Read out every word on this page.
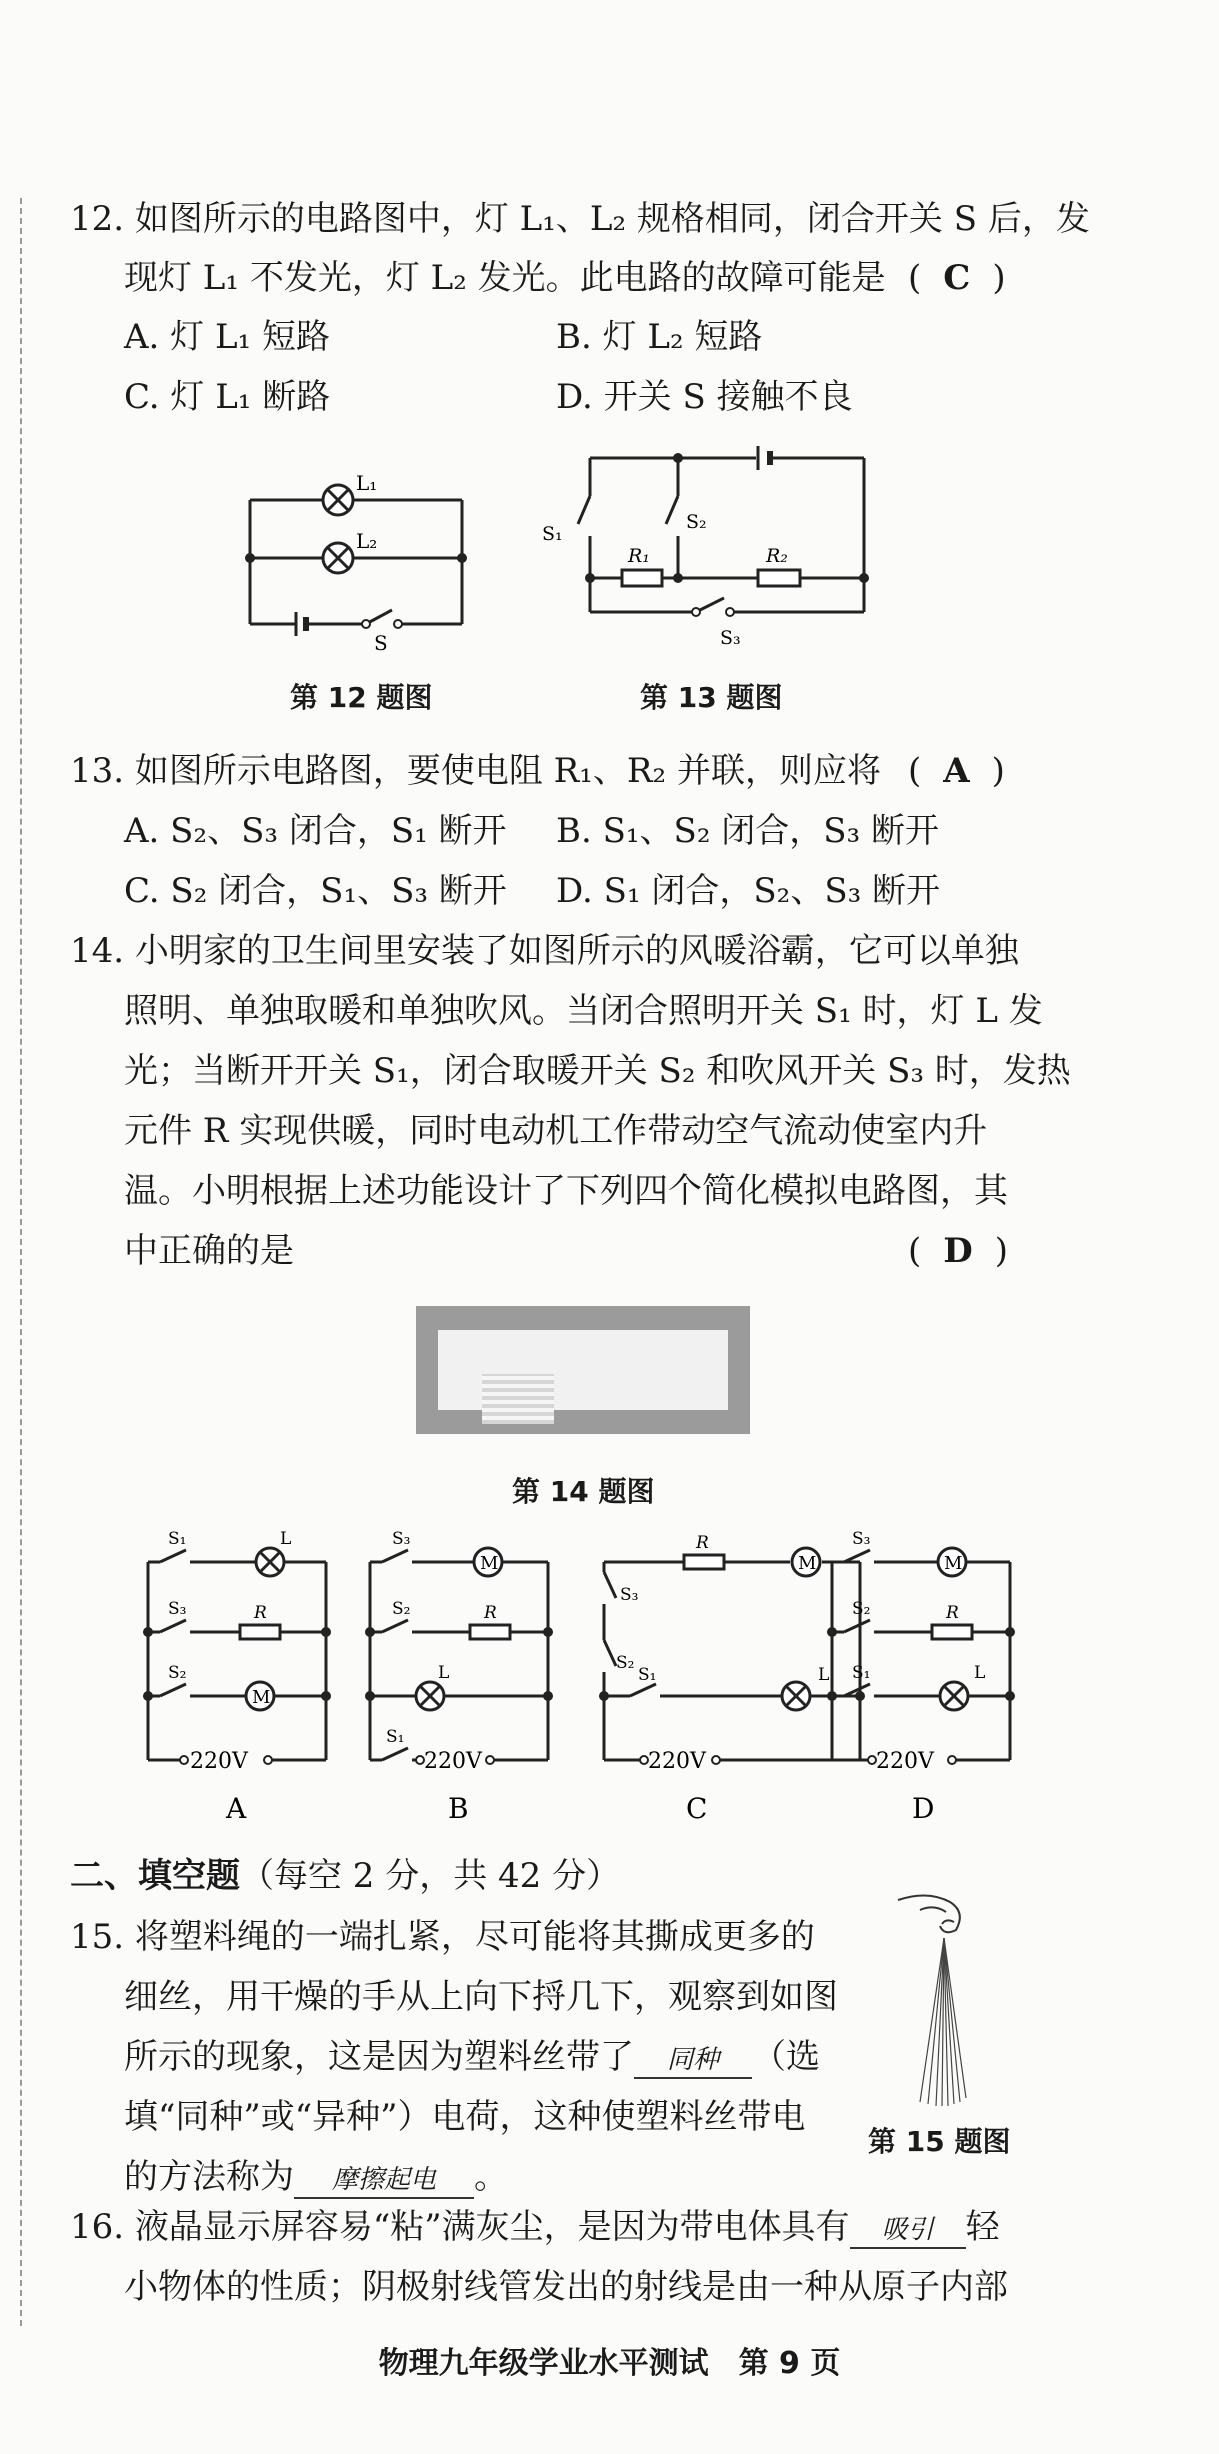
12. 如图所示的电路图中，灯 L₁、L₂ 规格相同，闭合开关 S 后，发
现灯 L₁ 不发光，灯 L₂ 发光。此电路的故障可能是 ( C )
A. 灯 L₁ 短路	B. 灯 L₂ 短路
C. 灯 L₁ 断路	D. 开关 S 接触不良
L₁
L₂
S
第 12 题图
S₁
S₂
S₃
R₁	R₂
第 13 题图
13. 如图所示电路图，要使电阻 R₁、R₂ 并联，则应将 ( A )
A. S₂、S₃ 闭合，S₁ 断开 B. S₁、S₂ 闭合，S₃ 断开
C. S₂ 闭合，S₁、S₃ 断开 D. S₁ 闭合，S₂、S₃ 断开
14. 小明家的卫生间里安装了如图所示的风暖浴霸，它可以单独
照明、单独取暖和单独吹风。当闭合照明开关 S₁ 时，灯 L 发
光；当断开开关 S₁，闭合取暖开关 S₂ 和吹风开关 S₃ 时，发热
元件 R 实现供暖，同时电动机工作带动空气流动使室内升
温。小明根据上述功能设计了下列四个简化模拟电路图，其
中正确的是	( D )
第 14 题图
M
S₁	L
S₃	R
S₂
220V
A
S₃
S₂	R
L
S₁
220V
B
R
S₃
S₂
S₁	L
220V
C
S₃
S₂	R
S₁	L
220V
D
二、填空题（每空 2 分，共 42 分）
15. 将塑料绳的一端扎紧，尽可能将其撕成更多的
细丝，用干燥的手从上向下捋几下，观察到如图
所示的现象，这是因为塑料丝带了 同种 （选
填“同种”或“异种”）电荷，这种使塑料丝带电
的方法称为 摩擦起电 。
第 15 题图
16. 液晶显示屏容易“粘”满灰尘，是因为带电体具有 吸引 轻
小物体的性质；阴极射线管发出的射线是由一种从原子内部
物理九年级学业水平测试　第 9 页
